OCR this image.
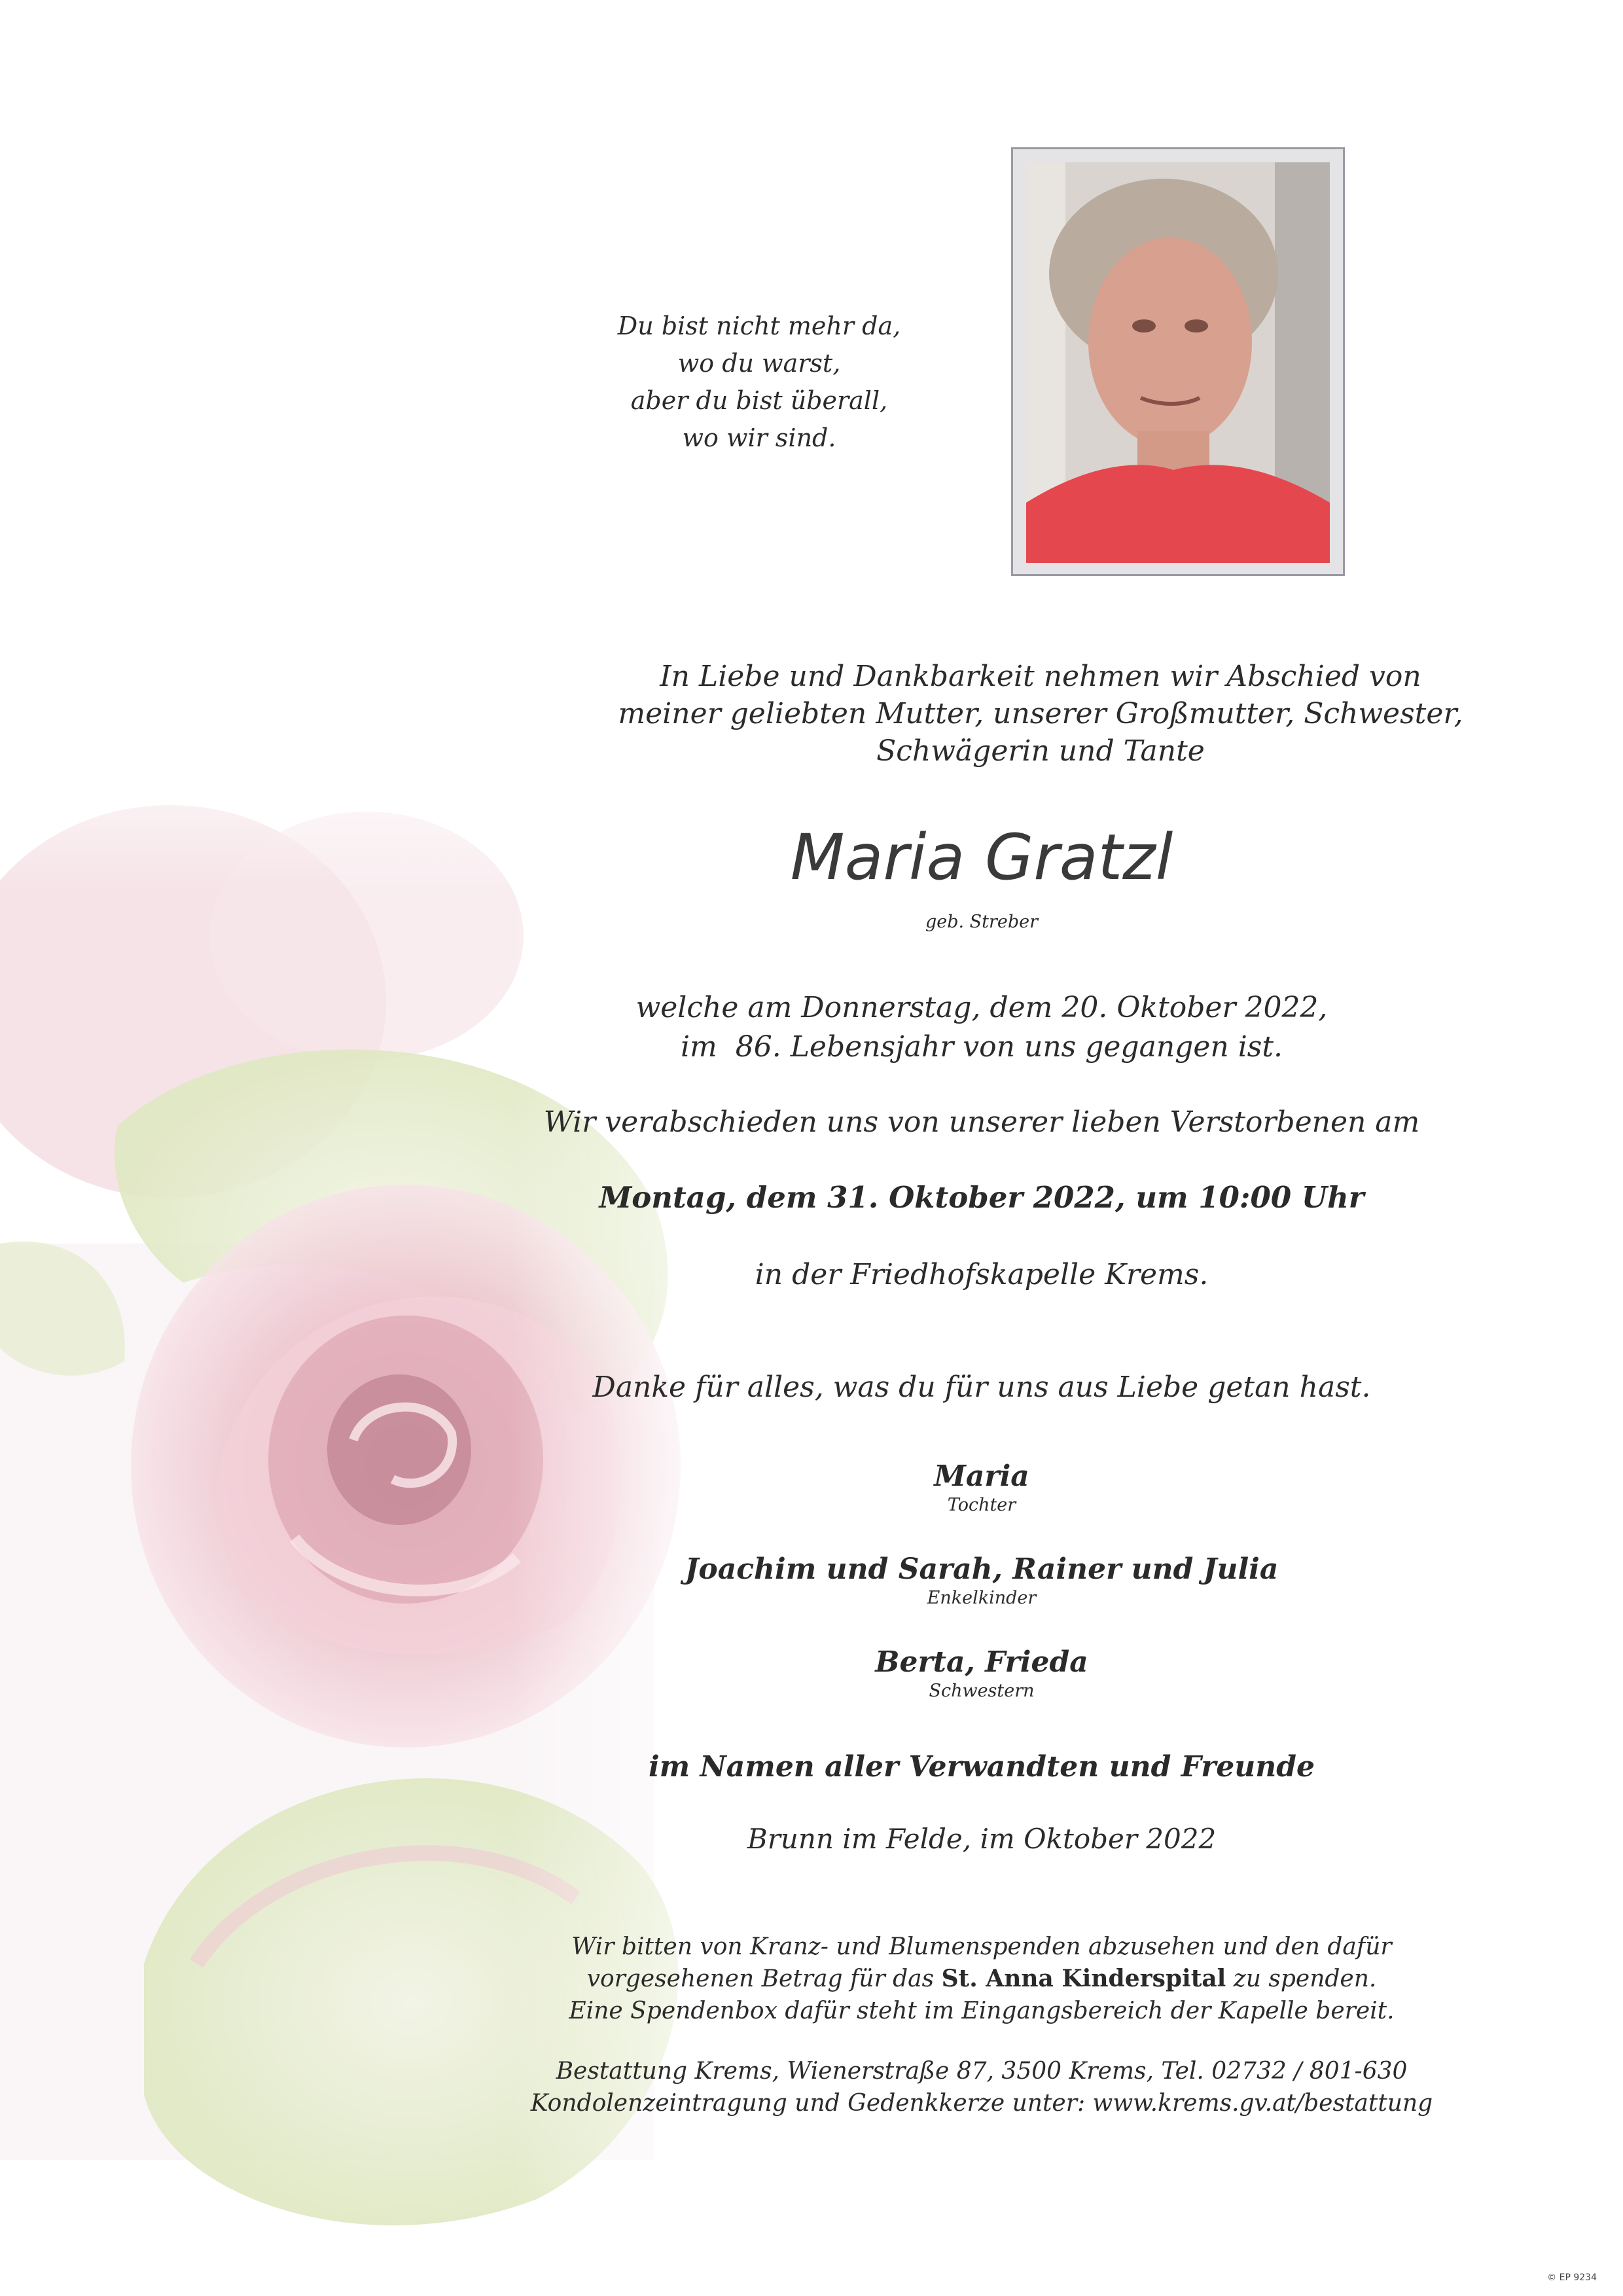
Du bist nicht mehr da,
wo du warst,
aber du bist überall,
wo wir sind.
In Liebe und Dankbarkeit nehmen wir Abschied von
meiner geliebten Mutter, unserer Großmutter, Schwester,
Schwägerin und Tante
Maria Gratzl
geb. Streber
welche am Donnerstag, dem 20. Oktober 2022,
im  86. Lebensjahr von uns gegangen ist.
Wir verabschieden uns von unserer lieben Verstorbenen am
Montag, dem 31. Oktober 2022, um 10:00 Uhr
in der Friedhofskapelle Krems.
Danke für alles, was du für uns aus Liebe getan hast.
Maria
Tochter
Joachim und Sarah, Rainer und Julia
Enkelkinder
Berta, Frieda
Schwestern
im Namen aller Verwandten und Freunde
Brunn im Felde, im Oktober 2022
Wir bitten von Kranz- und Blumenspenden abzusehen und den dafür
vorgesehenen Betrag für das St. Anna Kinderspital zu spenden.
Eine Spendenbox dafür steht im Eingangsbereich der Kapelle bereit.
Bestattung Krems, Wienerstraße 87, 3500 Krems, Tel. 02732 / 801-630
Kondolenzeintragung und Gedenkkerze unter: www.krems.gv.at/bestattung
© EP 9234
